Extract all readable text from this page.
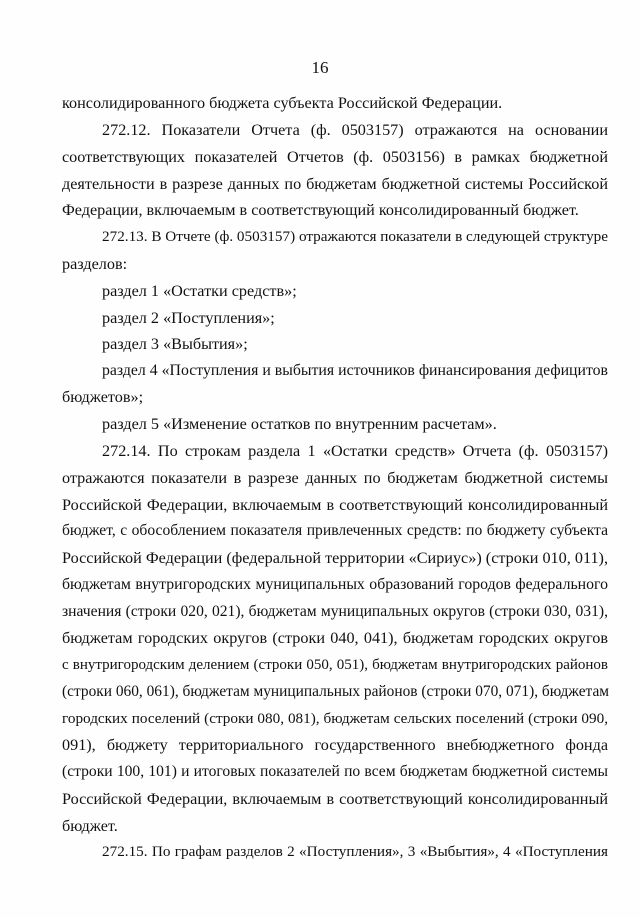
16
консолидированного бюджета субъекта Российской Федерации.
272.12. Показатели Отчета (ф. 0503157) отражаются на основании
соответствующих показателей Отчетов (ф. 0503156) в рамках бюджетной
деятельности в разрезе данных по бюджетам бюджетной системы Российской
Федерации, включаемым в соответствующий консолидированный бюджет.
272.13. В Отчете (ф. 0503157) отражаются показатели в следующей структуре
разделов:
раздел 1 «Остатки средств»;
раздел 2 «Поступления»;
раздел 3 «Выбытия»;
раздел 4 «Поступления и выбытия источников финансирования дефицитов
бюджетов»;
раздел 5 «Изменение остатков по внутренним расчетам».
272.14. По строкам раздела 1 «Остатки средств» Отчета (ф. 0503157)
отражаются показатели в разрезе данных по бюджетам бюджетной системы
Российской Федерации, включаемым в соответствующий консолидированный
бюджет, с обособлением показателя привлеченных средств: по бюджету субъекта
Российской Федерации (федеральной территории «Сириус») (строки 010, 011),
бюджетам внутригородских муниципальных образований городов федерального
значения (строки 020, 021), бюджетам муниципальных округов (строки 030, 031),
бюджетам городских округов (строки 040, 041), бюджетам городских округов
с внутригородским делением (строки 050, 051), бюджетам внутригородских районов
(строки 060, 061), бюджетам муниципальных районов (строки 070, 071), бюджетам
городских поселений (строки 080, 081), бюджетам сельских поселений (строки 090,
091), бюджету территориального государственного внебюджетного фонда
(строки 100, 101) и итоговых показателей по всем бюджетам бюджетной системы
Российской Федерации, включаемым в соответствующий консолидированный
бюджет.
272.15. По графам разделов 2 «Поступления», 3 «Выбытия», 4 «Поступления
